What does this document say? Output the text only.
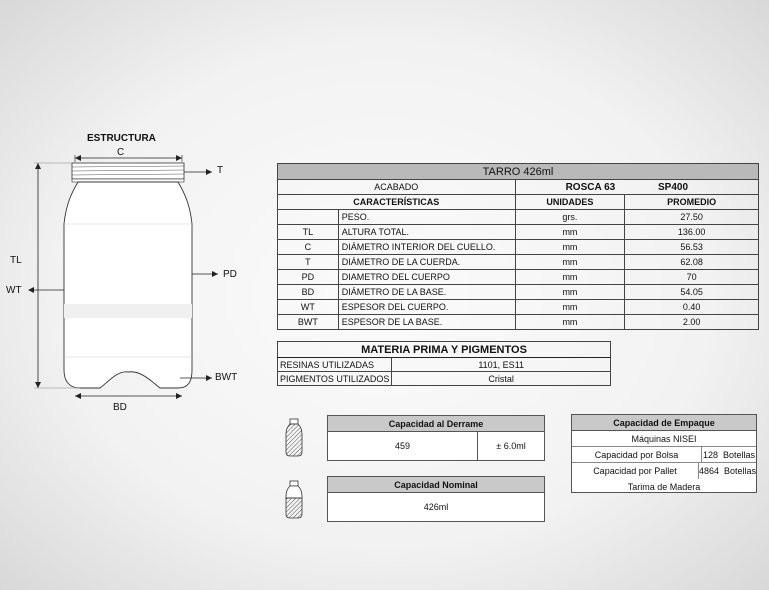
ESTRUCTURA
C
T
TL
PD
WT
BWT
BD
TARRO 426ml			
ACABADO		ROSCA 63 SP400	
CARACTERÍSTICAS		UNIDADES	PROMEDIO
	PESO.	grs.	27.50
TL	ALTURA TOTAL.	mm	136.00
C	DIÁMETRO INTERIOR DEL CUELLO.	mm	56.53
T	DIÁMETRO DE LA CUERDA.	mm	62.08
PD	DIAMETRO DEL CUERPO	mm	70
BD	DIÁMETRO DE LA BASE.	mm	54.05
WT	ESPESOR DEL CUERPO.	mm	0.40
BWT	ESPESOR DE LA BASE.	mm	2.00
MATERIA PRIMA Y PIGMENTOS	
RESINAS UTILIZADAS	1101, ES11
PIGMENTOS UTILIZADOS	Cristal
Capacidad al Derrame
459	± 6.0ml
Capacidad Nominal
426ml
Capacidad de Empaque
Máquinas NISEI
Capacidad por Bolsa	128 Botellas
Capacidad por Pallet	4864 Botellas
Tarima de Madera
